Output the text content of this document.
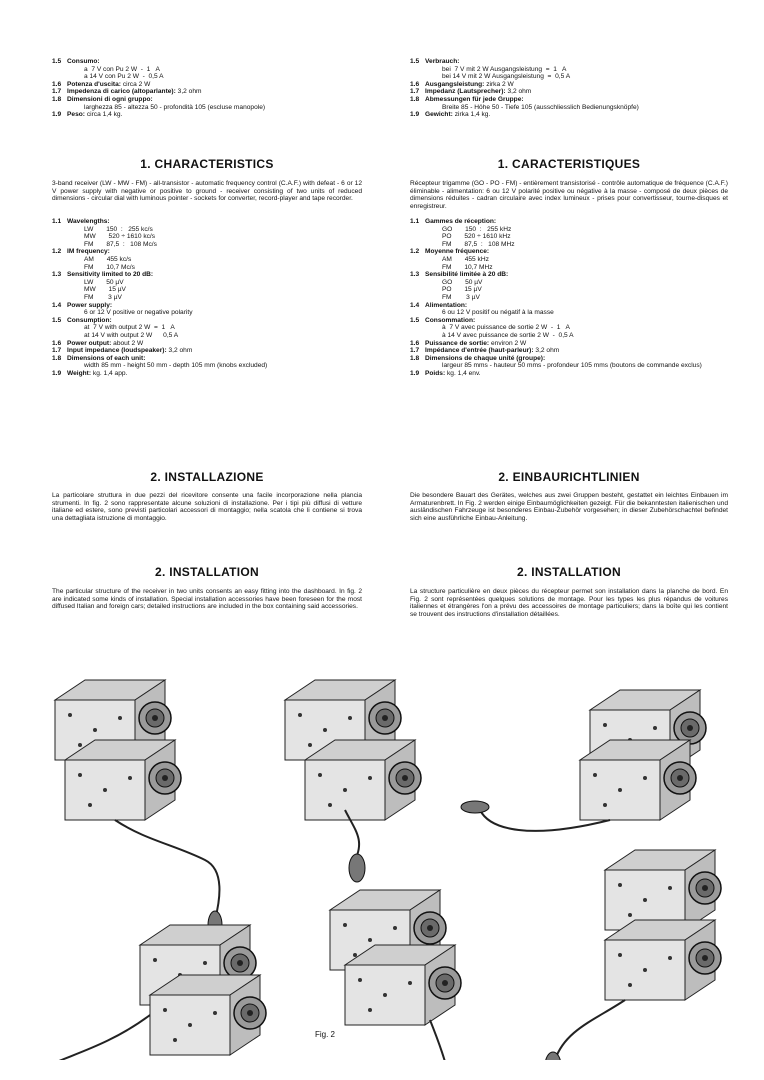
1.5 Consumo:
a  7 V con Pu 2 W  -  1   A
a 14 V con Pu 2 W  -  0,5 A
1.6 Potenza d'uscita: circa 2 W
1.7 Impedenza di carico (altoparlante): 3,2 ohm
1.8 Dimensioni di ogni gruppo:
larghezza 85 - altezza 50 - profondità 105 (escluse manopole)
1.9 Peso: circa 1,4 kg.
1.5 Verbrauch:
bei  7 V mit 2 W Ausgangsleistung  =  1   A
bei 14 V mit 2 W Ausgangsleistung  =  0,5 A
1.6 Ausgangsleistung: zirka 2 W
1.7 Impedanz (Lautsprecher): 3,2 ohm
1.8 Abmessungen für jede Gruppe:
Breite 85 - Höhe 50 - Tiefe 105 (ausschliesslich Bedienungsknöpfe)
1.9 Gewicht: zirka 1,4 kg.
1. CHARACTERISTICS
3-band receiver (LW - MW - FM) - all-transistor - automatic frequency control (C.A.F.) with defeat - 6 or 12 V power supply with negative or positive to ground - receiver consisting of two units of reduced dimensions - circular dial with luminous pointer - sockets for converter, record-player and tape recorder.
1.1 Wavelengths:
LW       150  :   255 kc/s
MW       520 ÷ 1610 kc/s
FM       87,5  :   108 Mc/s
1.2 IM frequency:
AM       455 kc/s
FM       10,7 Mc/s
1.3 Sensitivity limited to 20 dB:
LW       50 µV
MW       15 µV
FM        3 µV
1.4 Power supply:
6 or 12 V positive or negative polarity
1.5 Consumption:
at  7 V with output 2 W  =  1   A
at 14 V with output 2 W      0,5 A
1.6 Power output: about 2 W
1.7 Input impedance (loudspeaker): 3,2 ohm
1.8 Dimensions of each unit:
width 85 mm - height 50 mm - depth 105 mm (knobs excluded)
1.9 Weight: kg. 1,4 app.
1. CARACTERISTIQUES
Récepteur trigamme (GO - PO - FM) - entièrement transistorisé - contrôle automatique de fréquence (C.A.F.) éliminable - alimentation: 6 ou 12 V polarité positive ou négative à la masse - composé de deux pièces de dimensions réduites - cadran circulaire avec index lumineux - prises pour convertisseur, tourne-disques et enregistreur.
1.1 Gammes de réception:
GO       150  :   255 kHz
PO       520 ÷ 1610 kHz
FM       87,5  :   108 MHz
1.2 Moyenne fréquence:
AM       455 kHz
FM       10,7 MHz
1.3 Sensibilité limitée à 20 dB:
GO       50 µV
PO       15 µV
FM        3 µV
1.4 Alimentation:
6 ou 12 V positif ou négatif à la masse
1.5 Consommation:
à  7 V avec puissance de sortie 2 W  -  1   A
à 14 V avec puissance de sortie 2 W  -  0,5 A
1.6 Puissance de sortie: environ 2 W
1.7 Impédance d'entrée (haut-parleur): 3,2 ohm
1.8 Dimensions de chaque unité (groupe):
largeur 85 mms - hauteur 50 mms - profondeur 105 mms (boutons de commande exclus)
1.9 Poids: kg. 1,4 env.
2. INSTALLAZIONE
La particolare struttura in due pezzi del ricevitore consente una facile incorporazione nella plancia strumenti. In fig. 2 sono rappresentate alcune soluzioni di installazione. Per i tipi più diffusi di vetture italiane ed estere, sono previsti particolari accessori di montaggio; nella scatola che li contiene si trova una dettagliata istruzione di montaggio.
2. EINBAURICHTLINIEN
Die besondere Bauart des Gerätes, welches aus zwei Gruppen besteht, gestattet ein leichtes Einbauen im Armaturenbrett. In Fig. 2 werden einige Einbaumöglichkeiten gezeigt. Für die bekanntesten italienischen und ausländischen Fahrzeuge ist besonderes Einbau-Zubehör vorgesehen; in dieser Zubehörschachtel befindet sich eine ausführliche Einbau-Anleitung.
2. INSTALLATION
The particular structure of the receiver in two units consents an easy fitting into the dashboard. In fig. 2 are indicated some kinds of installation. Special installation accessories have been foreseen for the most diffused Italian and foreign cars; detailed instructions are included in the box containing said accessories.
2. INSTALLATION
La structure particulière en deux pièces du récepteur permet son installation dans la planche de bord. En Fig. 2 sont représentées quelques solutions de montage. Pour les types les plus répandus de voitures italiennes et étrangères l'on a prévu des accessoires de montage particuliers; dans la boîte qui les contient se trouvent des instructions d'installation détaillées.
Fig. 2
